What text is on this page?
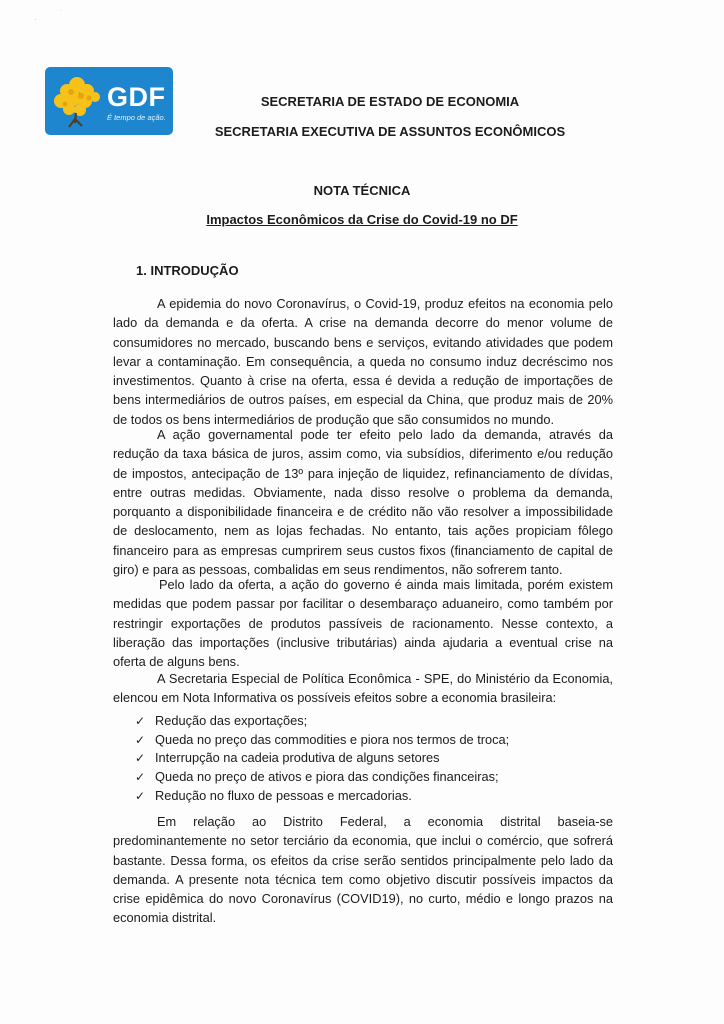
·	˙
GDF
É tempo de ação.
SECRETARIA DE ESTADO DE ECONOMIA
SECRETARIA EXECUTIVA DE ASSUNTOS ECONÔMICOS
NOTA TÉCNICA
Impactos Econômicos da Crise do Covid-19 no DF
1. INTRODUÇÃO

A epidemia do novo Coronavírus, o Covid-19, produz efeitos na economia pelo lado da demanda e da oferta. A crise na demanda decorre do menor volume de consumidores no mercado, buscando bens e serviços, evitando atividades que podem levar a contaminação. Em consequência, a queda no consumo induz decréscimo nos investimentos. Quanto à crise na oferta, essa é devida a redução de importações de bens intermediários de outros países, em especial da China, que produz mais de 20% de todos os bens intermediários de produção que são consumidos no mundo.

A ação governamental pode ter efeito pelo lado da demanda, através da redução da taxa básica de juros, assim como, via subsídios, diferimento e/ou redução de impostos, antecipação de 13º para injeção de liquidez, refinanciamento de dívidas, entre outras medidas. Obviamente, nada disso resolve o problema da demanda, porquanto a disponibilidade financeira e de crédito não vão resolver a impossibilidade de deslocamento, nem as lojas fechadas. No entanto, tais ações propiciam fôlego financeiro para as empresas cumprirem seus custos fixos (financiamento de capital de giro) e para as pessoas, combalidas em seus rendimentos, não sofrerem tanto.

Pelo lado da oferta, a ação do governo é ainda mais limitada, porém existem medidas que podem passar por facilitar o desembaraço aduaneiro, como também por restringir exportações de produtos passíveis de racionamento. Nesse contexto, a liberação das importações (inclusive tributárias) ainda ajudaria a eventual crise na oferta de alguns bens.

A Secretaria Especial de Política Econômica - SPE, do Ministério da Economia, elencou em Nota Informativa os possíveis efeitos sobre a economia brasileira:

✓ Redução das exportações;
✓ Queda no preço das commodities e piora nos termos de troca;
✓ Interrupção na cadeia produtiva de alguns setores
✓ Queda no preço de ativos e piora das condições financeiras;
✓ Redução no fluxo de pessoas e mercadorias.

Em relação ao Distrito Federal, a economia distrital baseia-se predominantemente no setor terciário da economia, que inclui o comércio, que sofrerá bastante. Dessa forma, os efeitos da crise serão sentidos principalmente pelo lado da demanda. A presente nota técnica tem como objetivo discutir possíveis impactos da crise epidêmica do novo Coronavírus (COVID19), no curto, médio e longo prazos na economia distrital.
